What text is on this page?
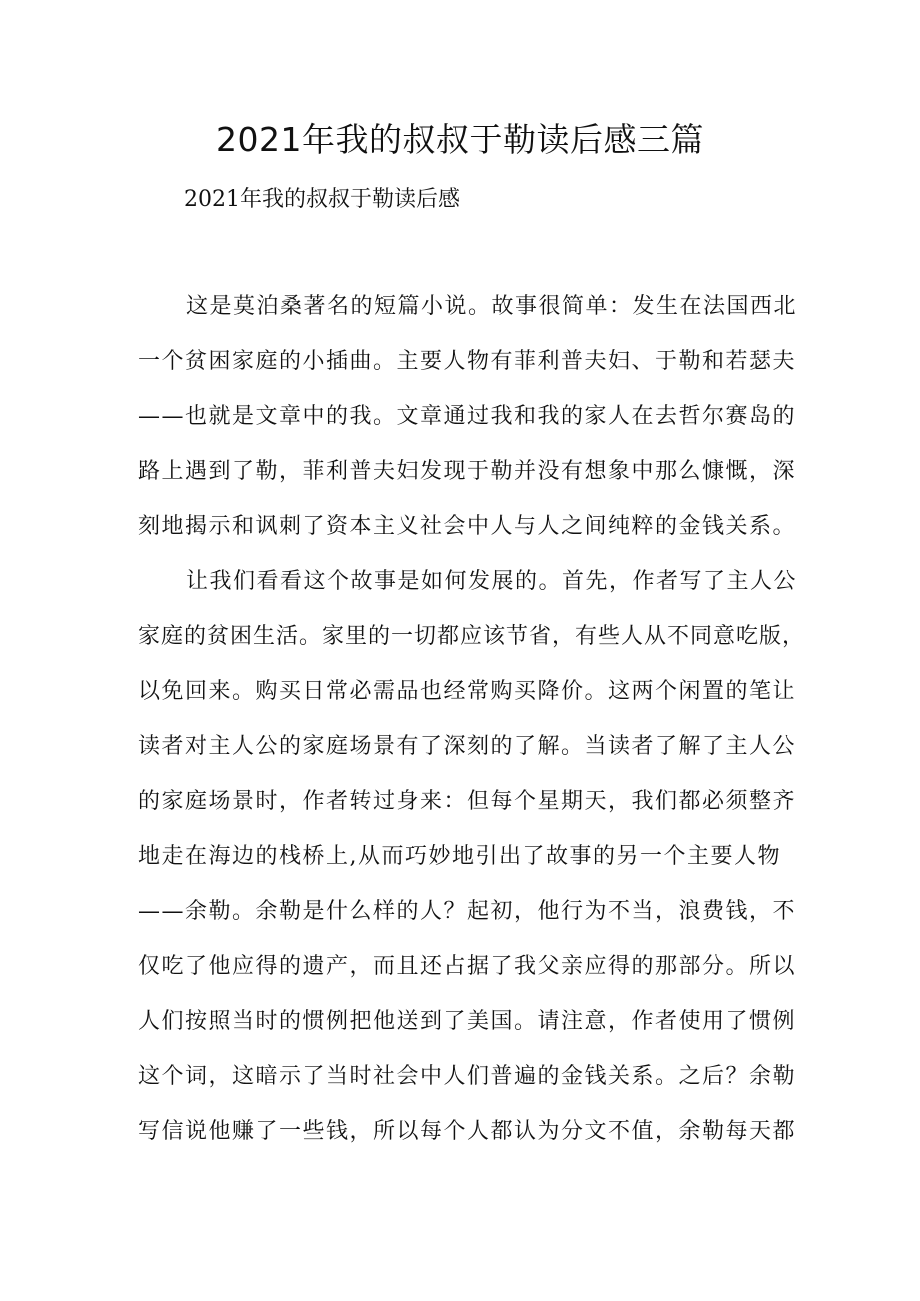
2021年我的叔叔于勒读后感三篇
2021年我的叔叔于勒读后感
这是莫泊桑著名的短篇小说。故事很简单：发生在法国西北
一个贫困家庭的小插曲。主要人物有菲利普夫妇、于勒和若瑟夫
——也就是文章中的我。文章通过我和我的家人在去哲尔赛岛的
路上遇到了勒，菲利普夫妇发现于勒并没有想象中那么慷慨，深
刻地揭示和讽刺了资本主义社会中人与人之间纯粹的金钱关系。
让我们看看这个故事是如何发展的。首先，作者写了主人公
家庭的贫困生活。家里的一切都应该节省，有些人从不同意吃版，
以免回来。购买日常必需品也经常购买降价。这两个闲置的笔让
读者对主人公的家庭场景有了深刻的了解。当读者了解了主人公
的家庭场景时，作者转过身来：但每个星期天，我们都必须整齐
地走在海边的栈桥上,从而巧妙地引出了故事的另一个主要人物
——余勒。余勒是什么样的人？起初，他行为不当，浪费钱，不
仅吃了他应得的遗产，而且还占据了我父亲应得的那部分。所以
人们按照当时的惯例把他送到了美国。请注意，作者使用了惯例
这个词，这暗示了当时社会中人们普遍的金钱关系。之后？余勒
写信说他赚了一些钱，所以每个人都认为分文不值，余勒每天都
